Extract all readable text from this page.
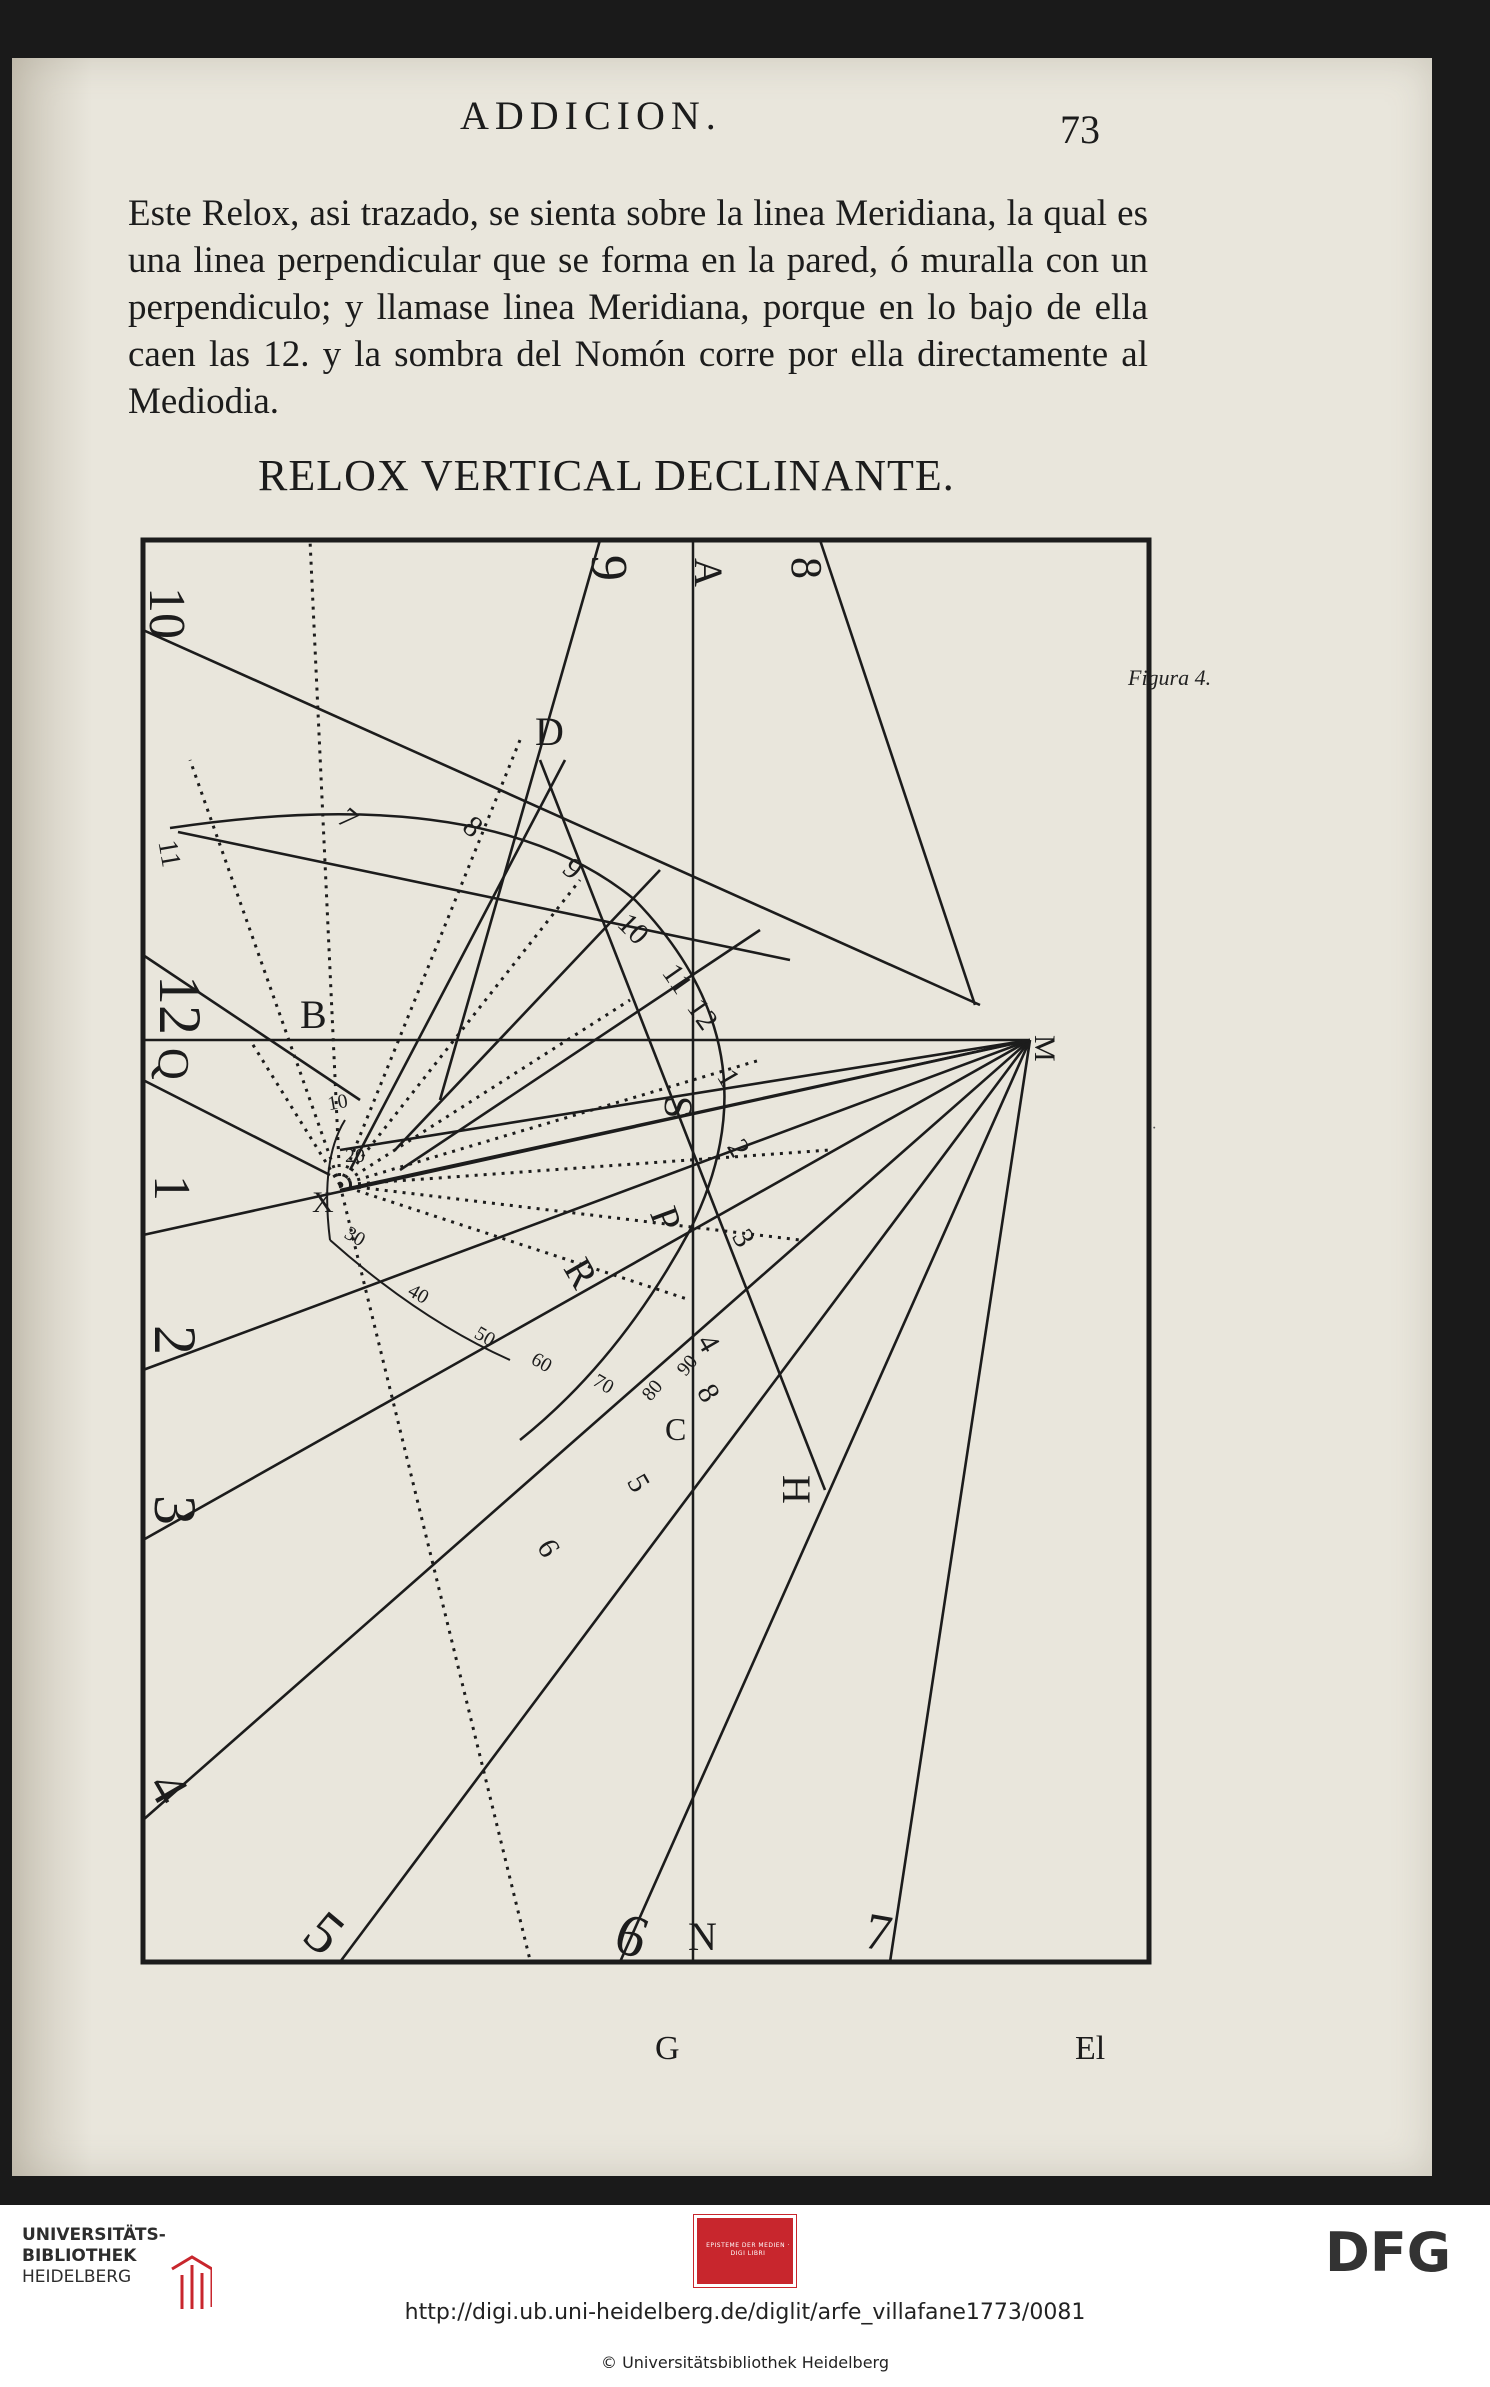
ADDICION.	73

Este Relox, asi trazado, se sienta sobre la linea Meridiana, la qual es una linea perpendicular que se forma en la pared, ó muralla con un perpendiculo; y llamase linea Meridiana, porque en lo bajo de ella caen las 12. y la sombra del Nomón corre por ella directamente al Mediodia.

RELOX VERTICAL DECLINANTE.
Figura 4.
·
10
9	8
12
1
2
3
4
5	6	7
11
A
B
C
D
H
M
N
P
Q
R
S
X
7	8
9
10
11
12
1
2
3
4
5
6
8
10
20
30
40
50
60
70 80
90
G	El
UNIVERSITÄTS-
BIBLIOTHEK
HEIDELBERG
EPISTEME DER MEDIEN · DIGI LIBRI	DFG
http://digi.ub.uni-heidelberg.de/diglit/arfe_villafane1773/0081
© Universitätsbibliothek Heidelberg
